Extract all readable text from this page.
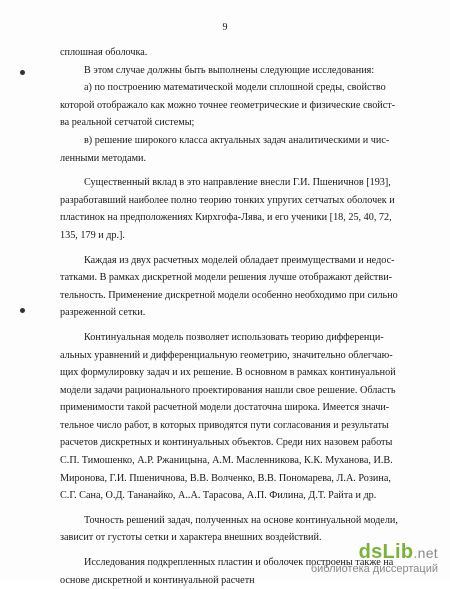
9

сплошная оболочка.

В этом случае должны быть выполнены следующие исследования:

а) по построению математической модели сплошной среды, свойство

которой отображало как можно точнее геометрические и физические свойст-
ва реальной сетчатой системы;

в) решение широкого класса актуальных задач аналитическими и чис-

ленными методами.

Существенный вклад в это направление внесли Г.И. Пшеничнов [193],

разработавший наиболее полно теорию тонких упругих сетчатых оболочек и
пластинок на предположениях Кирхгофа-Лява, и его ученики [18, 25, 40, 72,
135, 179 и др.].

Каждая из двух расчетных моделей обладает преимуществами и недос-

татками. В рамках дискретной модели решения лучше отображают действи-
тельность. Применение дискретной модели особенно необходимо при сильно
разреженной сетки.

Континуальная модель позволяет использовать теорию дифференци-

альных уравнений и дифференциальную геометрию, значительно облегчаю-
щих формулировку задач и их решение. В основном в рамках континуальной
модели задачи рационального проектирования нашли свое решение. Область
применимости такой расчетной модели достаточна широка. Имеется значи-
тельное число работ, в которых приводятся пути согласования и результаты
расчетов дискретных и континуальных объектов. Среди них назовем работы
С.П. Тимошенко, А.Р. Ржаницына, А.М. Масленникова, К.К. Муханова, И.В.
Миронова, Г.И. Пшеничнова, В.В. Волченко, В.В. Пономарева, Л.А. Розина,
С.Г. Сана, О.Д. Тананайко, А..А. Тарасова, А.П. Филина, Д.Т. Райта и др.

Точность решений задач, полученных на основе континуальной модели,

зависит от густоты сетки и характера внешних воздействий.

Исследования подкрепленных пластин и оболочек построены также на

основе дискретной и континуальной расчетн

dsLib.net
библиотека диссертаций
